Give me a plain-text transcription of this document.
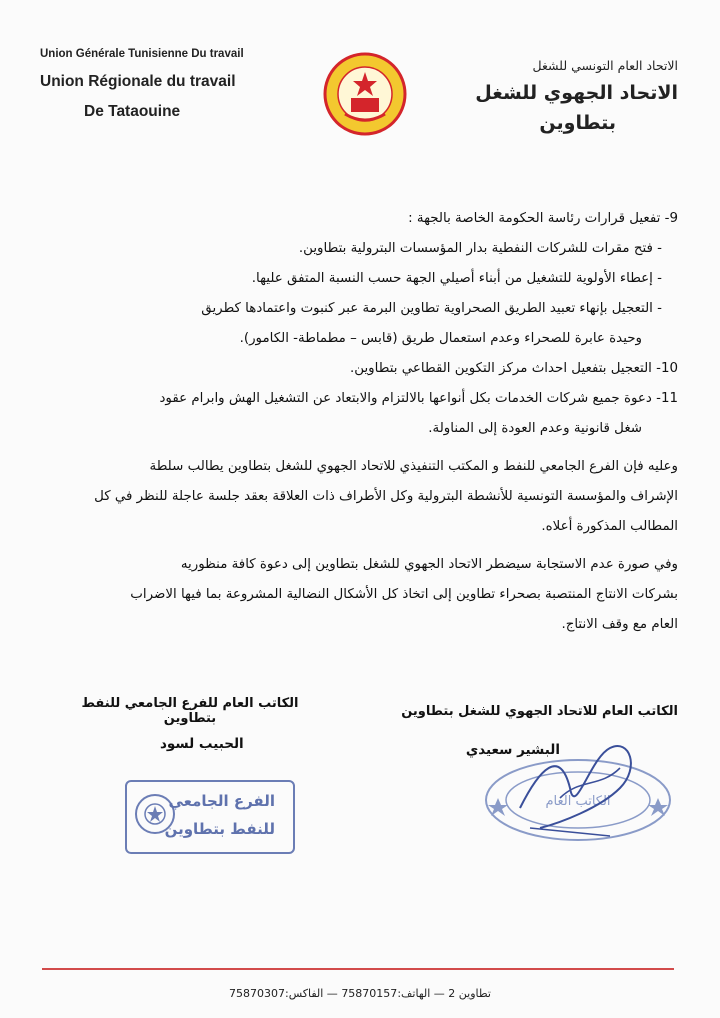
Union Générale Tunisienne Du travail
Union Régionale du travail
De Tataouine
الاتحاد العام التونسي للشغل
الاتحاد الجهوي للشغل
بتطاوين
9- تفعيل قرارات رئاسة الحكومة الخاصة بالجهة :
- فتح مقرات للشركات النفطية بدار المؤسسات البترولية بتطاوين.
- إعطاء الأولوية للتشغيل من أبناء أصيلي الجهة حسب النسبة المتفق عليها.
- التعجيل بإنهاء تعبيد الطريق الصحراوية تطاوين البرمة عبر كنبوت واعتمادها كطريق
وحيدة عابرة للصحراء وعدم استعمال طريق (قابس – مطماطة- الكامور).
10- التعجيل بتفعيل احداث مركز التكوين القطاعي بتطاوين.
11- دعوة جميع شركات الخدمات بكل أنواعها بالالتزام والابتعاد عن التشغيل الهش وابرام عقود
شغل قانونية وعدم العودة إلى المناولة.
وعليه فإن الفرع الجامعي للنفط و المكتب التنفيذي للاتحاد الجهوي للشغل بتطاوين يطالب سلطة
الإشراف والمؤسسة التونسية للأنشطة البترولية وكل الأطراف ذات العلاقة بعقد جلسة عاجلة للنظر في كل
المطالب المذكورة أعلاه.
وفي صورة عدم الاستجابة سيضطر الاتحاد الجهوي للشغل بتطاوين إلى دعوة كافة منظوريه
بشركات الانتاج المنتصبة بصحراء تطاوين إلى اتخاذ كل الأشكال النضالية المشروعة بما فيها الاضراب
العام مع وقف الانتاج.
الكاتب العام للاتحاد الجهوي للشغل بتطاوين
الكاتب العام للفرع الجامعي للنفط بتطاوين
البشير سعيدي
الحبيب لسود
الفرع الجامعي
للنفط بتطاوين
الكاتب العام
تطاوين 2 — الهاتف:75870157 — الفاكس:75870307
